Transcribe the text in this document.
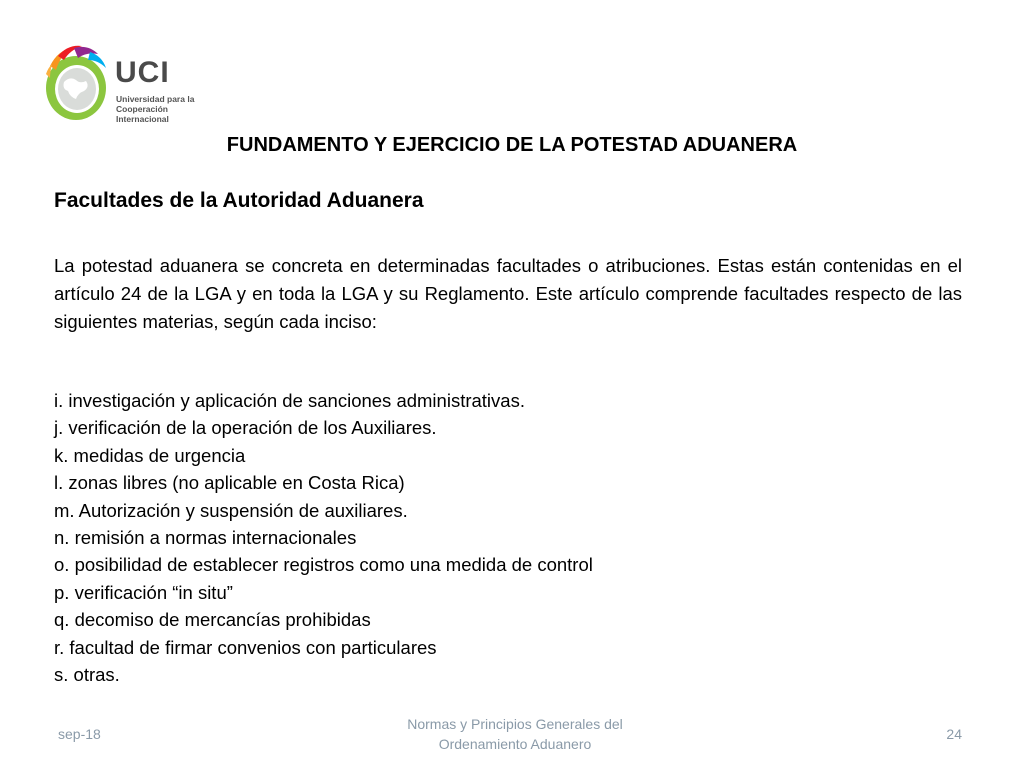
UCI
Universidad para la
Cooperación Internacional
FUNDAMENTO Y EJERCICIO DE LA POTESTAD ADUANERA
Facultades de la Autoridad Aduanera
La potestad aduanera se concreta en determinadas facultades o atribuciones. Estas están contenidas en el artículo 24 de la LGA y en toda la LGA y su Reglamento. Este artículo comprende facultades respecto de las siguientes materias, según cada inciso:
i. investigación y aplicación de sanciones administrativas.
j. verificación de la operación de los Auxiliares.
k. medidas de urgencia
l. zonas libres (no aplicable en Costa Rica)
m. Autorización y suspensión de auxiliares.
n. remisión a normas internacionales
o. posibilidad de establecer registros como una medida de control
p. verificación “in situ”
q. decomiso de mercancías prohibidas
r. facultad de firmar convenios con particulares
s. otras.
sep-18
Normas y Principios Generales del
Ordenamiento Aduanero
24
